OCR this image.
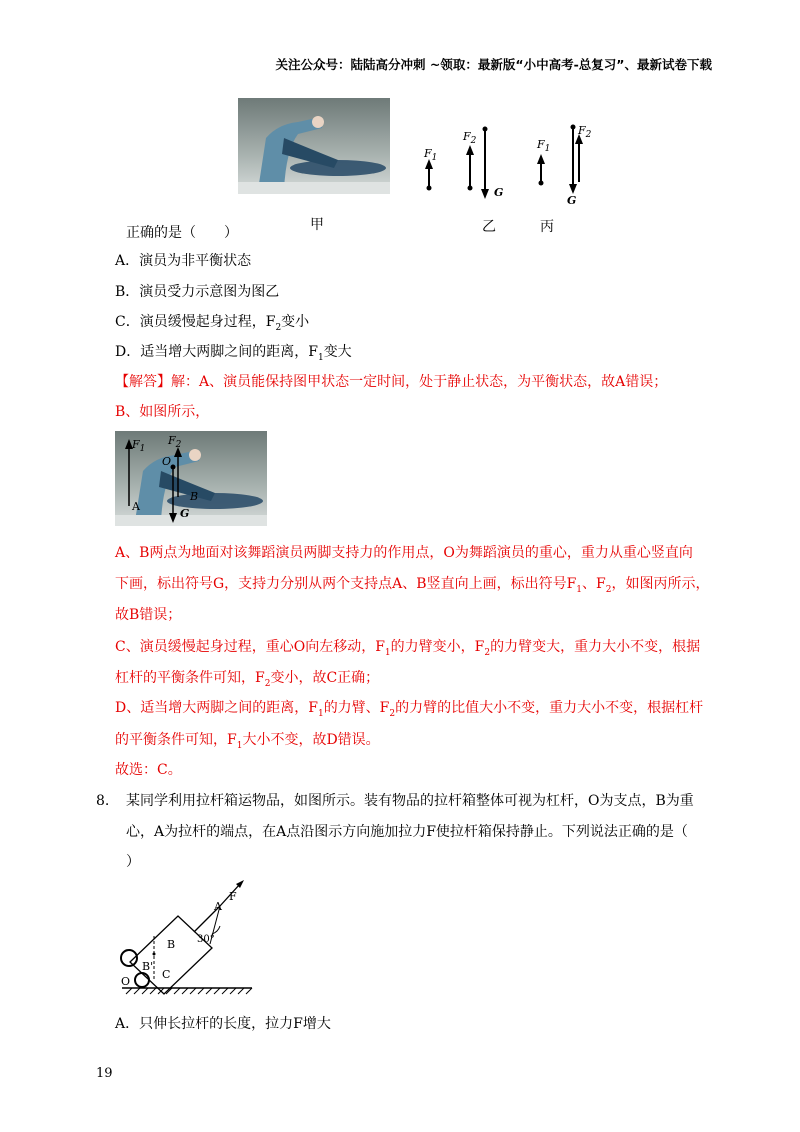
关注公众号：陆陆高分冲刺 ~领取：最新版“小中高考-总复习”、最新试卷下载
$F_1$
$F_2$
G
$F_1$
$F_2$
G
甲	乙	丙
正确的是（　　）
A．演员为非平衡状态
B．演员受力示意图为图乙
C．演员缓慢起身过程，$F_2$变小
D．适当增大两脚之间的距离，$F_1$变大
【解答】解：A、演员能保持图甲状态一定时间，处于静止状态，为平衡状态，故A错误；
B、如图所示，
$F_1$
$F_2$
O
A
B
G
A、B两点为地面对该舞蹈演员两脚支持力的作用点，O为舞蹈演员的重心，重力从重心竖直向
下画，标出符号G，支持力分别从两个支持点A、B竖直向上画，标出符号$F_1$、$F_2$，如图丙所示，
故B错误；
C、演员缓慢起身过程，重心O向左移动，$F_1$的力臂变小，$F_2$的力臂变大，重力大小不变，根据
杠杆的平衡条件可知，$F_2$变小，故C正确；
D、适当增大两脚之间的距离，$F_1$的力臂、$F_2$的力臂的比值大小不变，重力大小不变，根据杠杆
的平衡条件可知，$F_1$大小不变，故D错误。
故选：C。
8. 某同学利用拉杆箱运物品，如图所示。装有物品的拉杆箱整体可视为杠杆，O为支点，B为重
心，A为拉杆的端点，在A点沿图示方向施加拉力F使拉杆箱保持静止。下列说法正确的是（
）
A
F
B 30°
B'
C
O
A．只伸长拉杆的长度，拉力F增大
19
